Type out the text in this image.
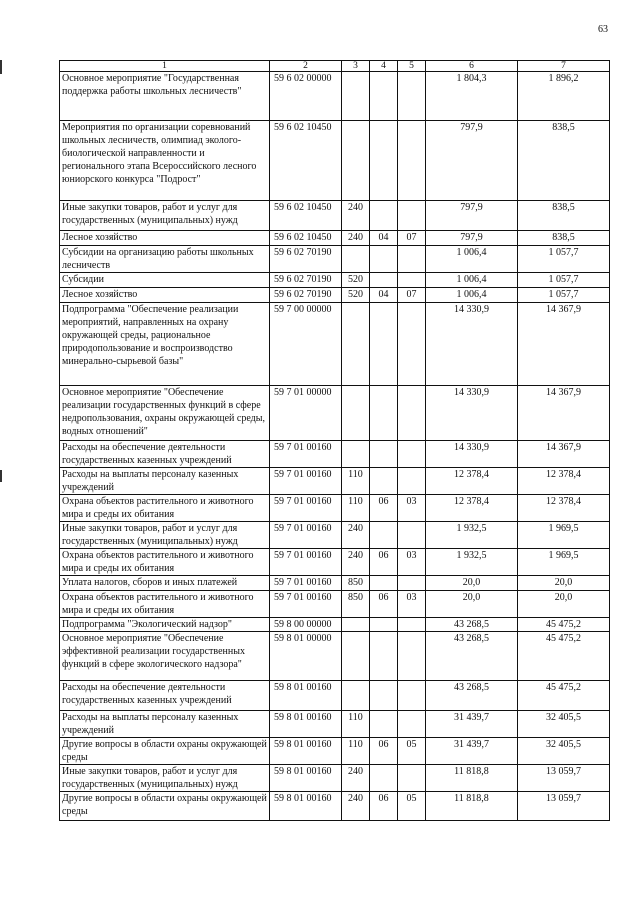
63
1	2	3	4	5	6	7
Основное мероприятие "Государственная поддержка работы школьных лесничеств"	59 6 02 00000				1 804,3	1 896,2
Мероприятия по организации соревнований школьных лесничеств, олимпиад эколого-биологической направленности и регионального этапа Всероссийского лесного юниорского конкурса "Подрост"	59 6 02 10450				797,9	838,5
Иные закупки товаров, работ и услуг для государственных (муниципальных) нужд	59 6 02 10450	240			797,9	838,5
Лесное хозяйство	59 6 02 10450	240	04	07	797,9	838,5
Субсидии на организацию работы школьных лесничеств	59 6 02 70190				1 006,4	1 057,7
Субсидии	59 6 02 70190	520			1 006,4	1 057,7
Лесное хозяйство	59 6 02 70190	520	04	07	1 006,4	1 057,7
Подпрограмма "Обеспечение реализации мероприятий, направленных на охрану окружающей среды, рациональное природопользование и воспроизводство минерально-сырьевой базы"	59 7 00 00000				14 330,9	14 367,9
Основное мероприятие "Обеспечение реализации государственных функций в сфере недропользования, охраны окружающей среды, водных отношений"	59 7 01 00000				14 330,9	14 367,9
Расходы на обеспечение деятельности государственных казенных учреждений	59 7 01 00160				14 330,9	14 367,9
Расходы на выплаты персоналу казенных учреждений	59 7 01 00160	110			12 378,4	12 378,4
Охрана объектов растительного и животного мира и среды их обитания	59 7 01 00160	110	06	03	12 378,4	12 378,4
Иные закупки товаров, работ и услуг для государственных (муниципальных) нужд	59 7 01 00160	240			1 932,5	1 969,5
Охрана объектов растительного и животного мира и среды их обитания	59 7 01 00160	240	06	03	1 932,5	1 969,5
Уплата налогов, сборов и иных платежей	59 7 01 00160	850			20,0	20,0
Охрана объектов растительного и животного мира и среды их обитания	59 7 01 00160	850	06	03	20,0	20,0
Подпрограмма "Экологический надзор"	59 8 00 00000				43 268,5	45 475,2
Основное мероприятие "Обеспечение эффективной реализации государственных функций в сфере экологического надзора"	59 8 01 00000				43 268,5	45 475,2
Расходы на обеспечение деятельности государственных казенных учреждений	59 8 01 00160				43 268,5	45 475,2
Расходы на выплаты персоналу казенных учреждений	59 8 01 00160	110			31 439,7	32 405,5
Другие вопросы в области охраны окружающей среды	59 8 01 00160	110	06	05	31 439,7	32 405,5
Иные закупки товаров, работ и услуг для государственных (муниципальных) нужд	59 8 01 00160	240			11 818,8	13 059,7
Другие вопросы в области охраны окружающей среды	59 8 01 00160	240	06	05	11 818,8	13 059,7
